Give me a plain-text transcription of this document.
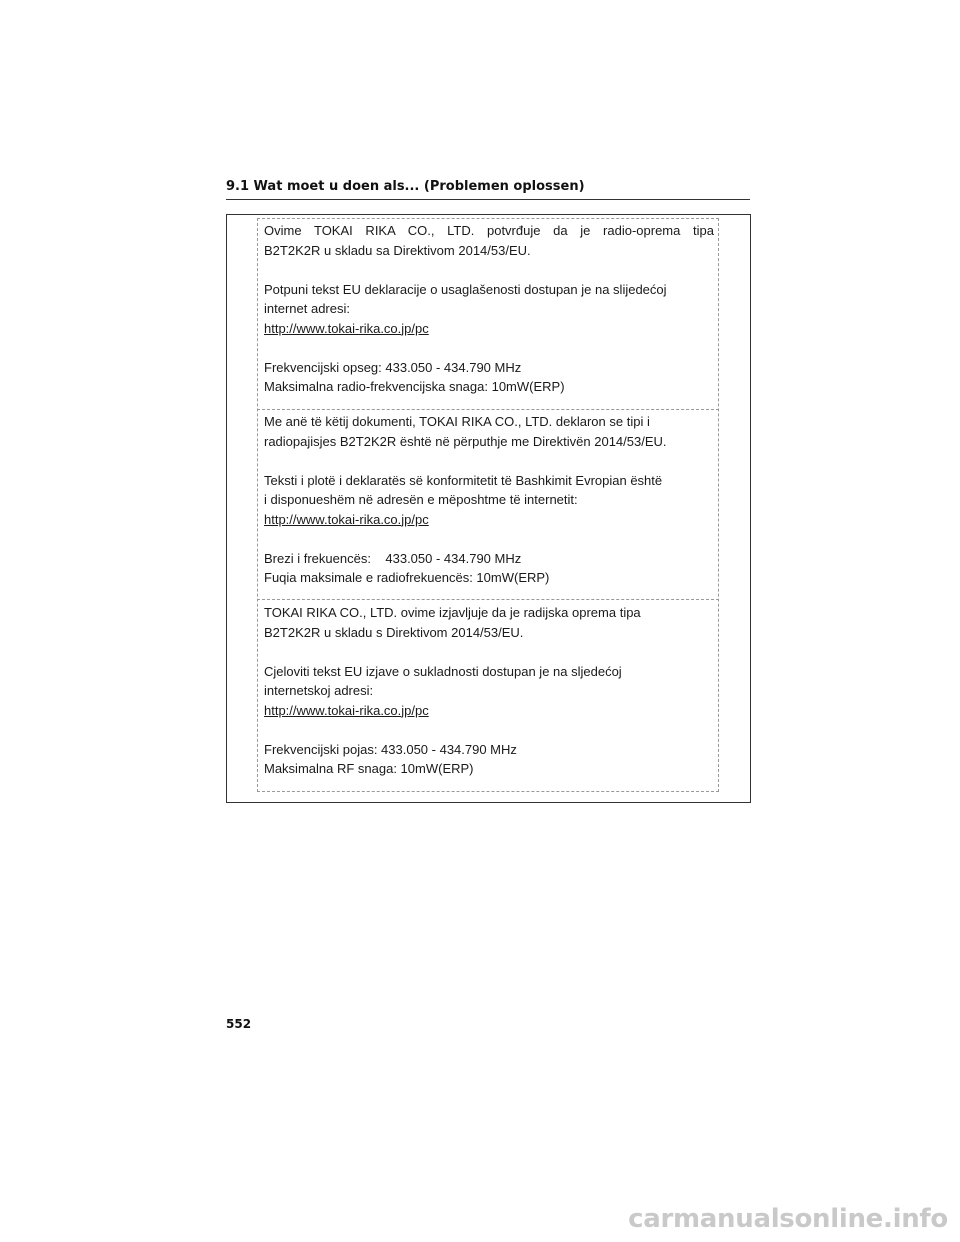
9.1 Wat moet u doen als... (Problemen oplossen)

Ovime TOKAI RIKA CO., LTD. potvrđuje da je radio-oprema tipa

B2T2K2R u skladu sa Direktivom 2014/53/EU.

Potpuni tekst EU deklaracije o usaglašenosti dostupan je na slijedećoj

internet adresi:

http://www.tokai-rika.co.jp/pc

Frekvencijski opseg: 433.050 - 434.790 MHz

Maksimalna radio-frekvencijska snaga: 10mW(ERP)

Me anë të këtij dokumenti, TOKAI RIKA CO., LTD. deklaron se tipi i

radiopajisjes B2T2K2R është në përputhje me Direktivën 2014/53/EU.

Teksti i plotë i deklaratës së konformitetit të Bashkimit Evropian është

i disponueshëm në adresën e mëposhtme të internetit:

http://www.tokai-rika.co.jp/pc

Brezi i frekuencës:    433.050 - 434.790 MHz

Fuqia maksimale e radiofrekuencës: 10mW(ERP)

TOKAI RIKA CO., LTD. ovime izjavljuje da je radijska oprema tipa

B2T2K2R u skladu s Direktivom 2014/53/EU.

Cjeloviti tekst EU izjave o sukladnosti dostupan je na sljedećoj

internetskoj adresi:

http://www.tokai-rika.co.jp/pc

Frekvencijski pojas: 433.050 - 434.790 MHz

Maksimalna RF snaga: 10mW(ERP)

552
carmanualsonline.info
